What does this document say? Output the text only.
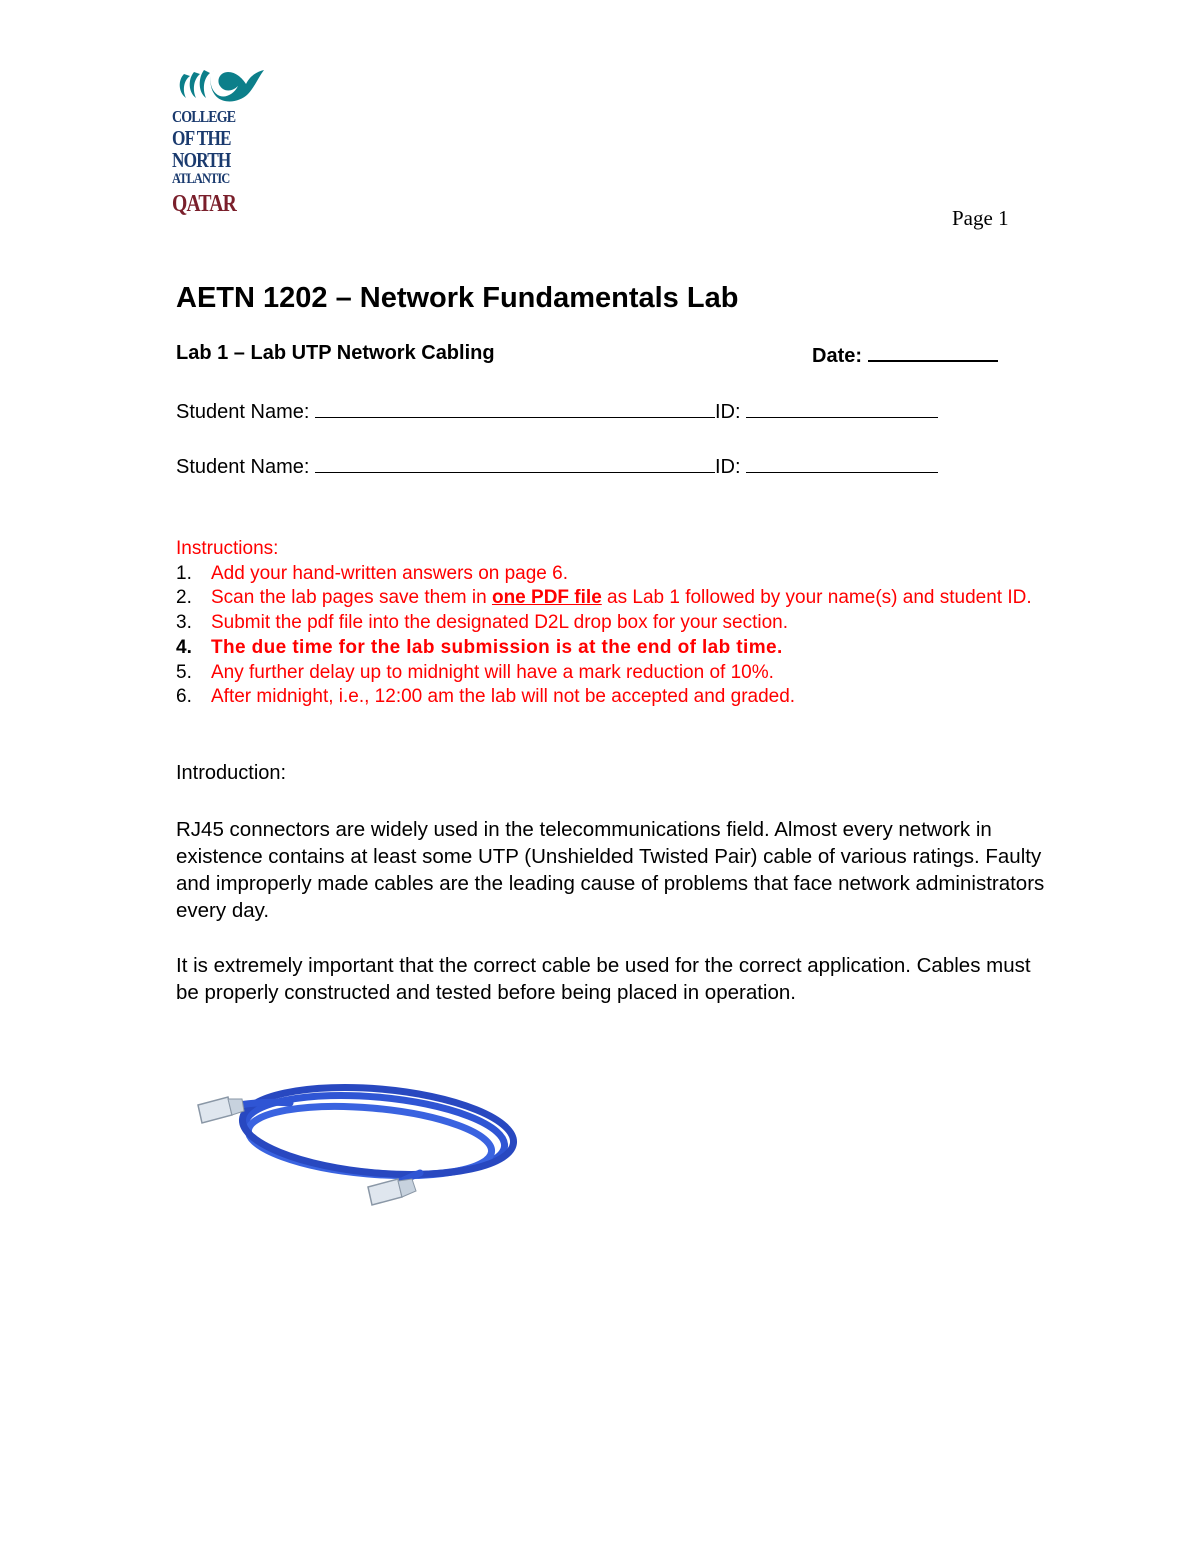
COLLEGE
OF THE
NORTH
ATLANTIC
QATAR
Page 1
AETN 1202 – Network Fundamentals Lab
Lab 1 – Lab UTP Network Cabling	Date:
Student Name:	ID:
Student Name:	ID:
Instructions:
1. Add your hand-written answers on page 6.
2. Scan the lab pages save them in one PDF file as Lab 1 followed by your name(s) and student ID.
3. Submit the pdf file into the designated D2L drop box for your section.
4. The due time for the lab submission is at the end of lab time.
5. Any further delay up to midnight will have a mark reduction of 10%.
6. After midnight, i.e., 12:00 am the lab will not be accepted and graded.
Introduction:

RJ45 connectors are widely used in the telecommunications field. Almost every network in existence contains at least some UTP (Unshielded Twisted Pair) cable of various ratings. Faulty and improperly made cables are the leading cause of problems that face network administrators every day.

It is extremely important that the correct cable be used for the correct application. Cables must be properly constructed and tested before being placed in operation.
